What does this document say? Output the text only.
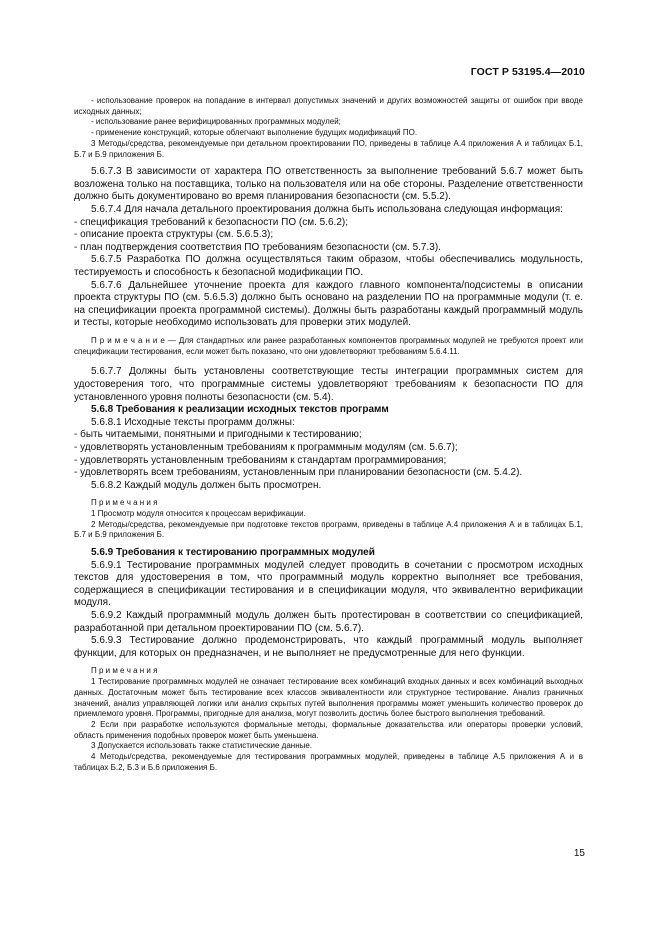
ГОСТ Р 53195.4—2010

- использование проверок на попадание в интервал допустимых значений и других возможностей защиты от ошибок при вводе исходных данных;

- использование ранее верифицированных программных модулей;

- применение конструкций, которые облегчают выполнение будущих модификаций ПО.

3 Методы/средства, рекомендуемые при детальном проектировании ПО, приведены в таблице А.4 приложения А и таблицах Б.1, Б.7 и Б.9 приложения Б.

5.6.7.3 В зависимости от характера ПО ответственность за выполнение требований 5.6.7 может быть возложена только на поставщика, только на пользователя или на обе стороны. Разделение ответственности должно быть документировано во время планирования безопасности (см. 5.5.2).

5.6.7.4 Для начала детального проектирования должна быть использована следующая информация:

- спецификация требований к безопасности ПО (см. 5.6.2);

- описание проекта структуры (см. 5.6.5.3);

- план подтверждения соответствия ПО требованиям безопасности (см. 5.7.3).

5.6.7.5 Разработка ПО должна осуществляться таким образом, чтобы обеспечивались модульность, тестируемость и способность к безопасной модификации ПО.

5.6.7.6 Дальнейшее уточнение проекта для каждого главного компонента/подсистемы в описании проекта структуры ПО (см. 5.6.5.3) должно быть основано на разделении ПО на программные модули (т. е. на спецификации проекта программной системы). Должны быть разработаны каждый программный модуль и тесты, которые необходимо использовать для проверки этих модулей.

П р и м е ч а н и е — Для стандартных или ранее разработанных компонентов программных модулей не требуются проект или спецификации тестирования, если может быть показано, что они удовлетворяют требованиям 5.6.4.11.

5.6.7.7 Должны быть установлены соответствующие тесты интеграции программных систем для удостоверения того, что программные системы удовлетворяют требованиям к безопасности ПО для установленного уровня полноты безопасности (см. 5.4).

5.6.8 Требования к реализации исходных текстов программ

5.6.8.1 Исходные тексты программ должны:

- быть читаемыми, понятными и пригодными к тестированию;

- удовлетворять установленным требованиям к программным модулям (см. 5.6.7);

- удовлетворять установленным требованиям к стандартам программирования;

- удовлетворять всем требованиям, установленным при планировании безопасности (см. 5.4.2).

5.6.8.2 Каждый модуль должен быть просмотрен.

П р и м е ч а н и я

1 Просмотр модуля относится к процессам верификации.

2 Методы/средства, рекомендуемые при подготовке текстов программ, приведены в таблице А.4 приложения А и в таблицах Б.1, Б.7 и Б.9 приложения Б.

5.6.9 Требования к тестированию программных модулей

5.6.9.1 Тестирование программных модулей следует проводить в сочетании с просмотром исходных текстов для удостоверения в том, что программный модуль корректно выполняет все требования, содержащиеся в спецификации тестирования и в спецификации модуля, что эквивалентно верификации модуля.

5.6.9.2 Каждый программный модуль должен быть протестирован в соответствии со спецификацией, разработанной при детальном проектировании ПО (см. 5.6.7).

5.6.9.3 Тестирование должно продемонстрировать, что каждый программный модуль выполняет функции, для которых он предназначен, и не выполняет не предусмотренные для него функции.

П р и м е ч а н и я

1 Тестирование программных модулей не означает тестирование всех комбинаций входных данных и всех комбинаций выходных данных. Достаточным может быть тестирование всех классов эквивалентности или структурное тестирование. Анализ граничных значений, анализ управляющей логики или анализ скрытых путей выполнения программы может уменьшить количество проверок до приемлемого уровня. Программы, пригодные для анализа, могут позволить достичь более быстрого выполнения требований.

2 Если при разработке используются формальные методы, формальные доказательства или операторы проверки условий, область применения подобных проверок может быть уменьшена.

3 Допускается использовать также статистические данные.

4 Методы/средства, рекомендуемые для тестирования программных модулей, приведены в таблице А.5 приложения А и в таблицах Б.2, Б.3 и Б.6 приложения Б.

15
